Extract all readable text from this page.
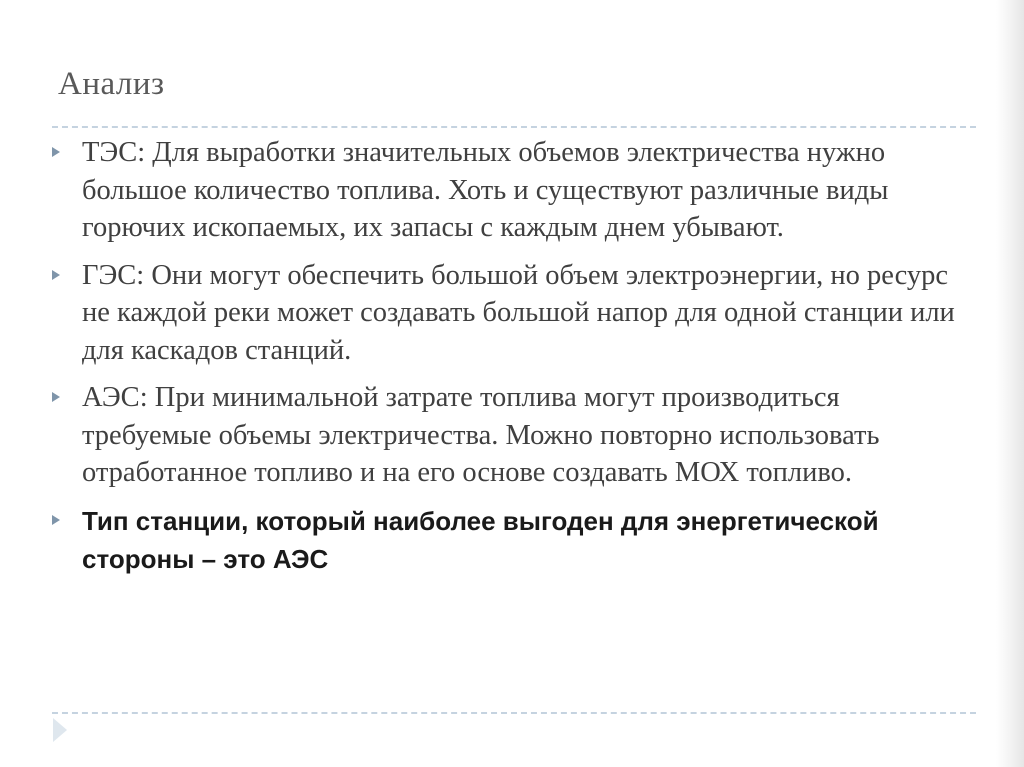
Анализ
ТЭС: Для выработки значительных объемов электричества нужно большое количество топлива. Хоть и существуют различные виды горючих ископаемых, их запасы с каждым днем убывают.
ГЭС: Они могут обеспечить большой объем электроэнергии, но ресурс не каждой реки может создавать большой напор для одной станции или для каскадов станций.
АЭС: При минимальной затрате топлива могут производиться требуемые объемы электричества. Можно повторно использовать отработанное топливо и на его основе создавать МОХ топливо.
Тип станции, который наиболее выгоден для энергетической стороны – это АЭС
